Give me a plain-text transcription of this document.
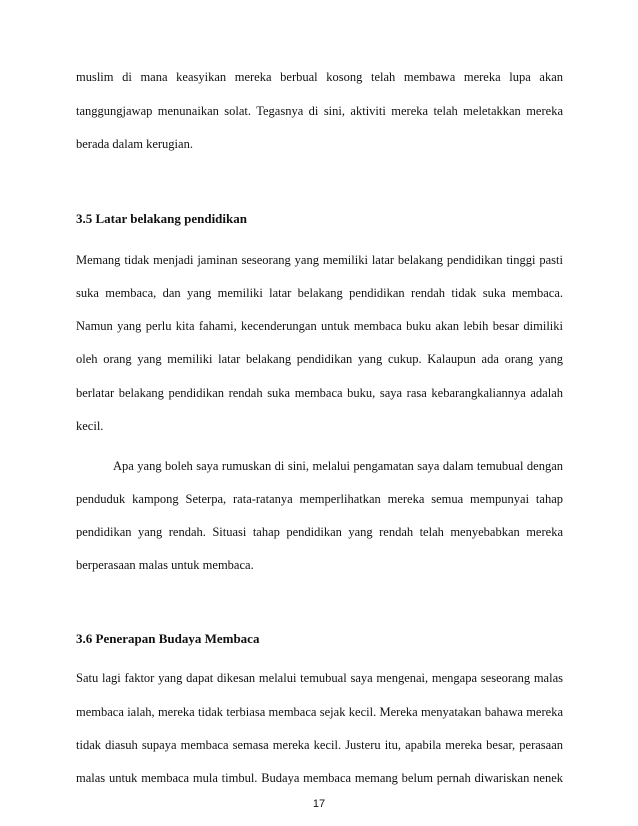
muslim di mana keasyikan mereka berbual kosong telah membawa mereka lupa akan
tanggungjawap menunaikan solat. Tegasnya di sini, aktiviti mereka telah meletakkan mereka
berada dalam kerugian.
3.5 Latar belakang pendidikan
Memang tidak menjadi jaminan seseorang yang memiliki latar belakang pendidikan tinggi pasti
suka membaca, dan yang memiliki latar belakang pendidikan rendah tidak suka membaca.
Namun yang perlu kita fahami, kecenderungan untuk membaca buku akan lebih besar dimiliki
oleh orang yang memiliki latar belakang pendidikan yang cukup. Kalaupun ada orang yang
berlatar belakang pendidikan rendah suka membaca buku, saya rasa kebarangkaliannya adalah
kecil.
Apa yang boleh saya rumuskan di sini, melalui pengamatan saya dalam temubual dengan
penduduk kampong Seterpa, rata-ratanya memperlihatkan mereka semua mempunyai tahap
pendidikan yang rendah. Situasi tahap pendidikan yang rendah telah menyebabkan mereka
berperasaan malas untuk membaca.
3.6 Penerapan Budaya Membaca
Satu lagi faktor yang dapat dikesan melalui temubual saya mengenai, mengapa seseorang malas
membaca ialah, mereka tidak terbiasa membaca sejak kecil. Mereka menyatakan bahawa mereka
tidak diasuh supaya membaca semasa mereka kecil. Justeru itu, apabila mereka besar, perasaan
malas untuk membaca mula timbul. Budaya membaca memang belum pernah diwariskan nenek
17
